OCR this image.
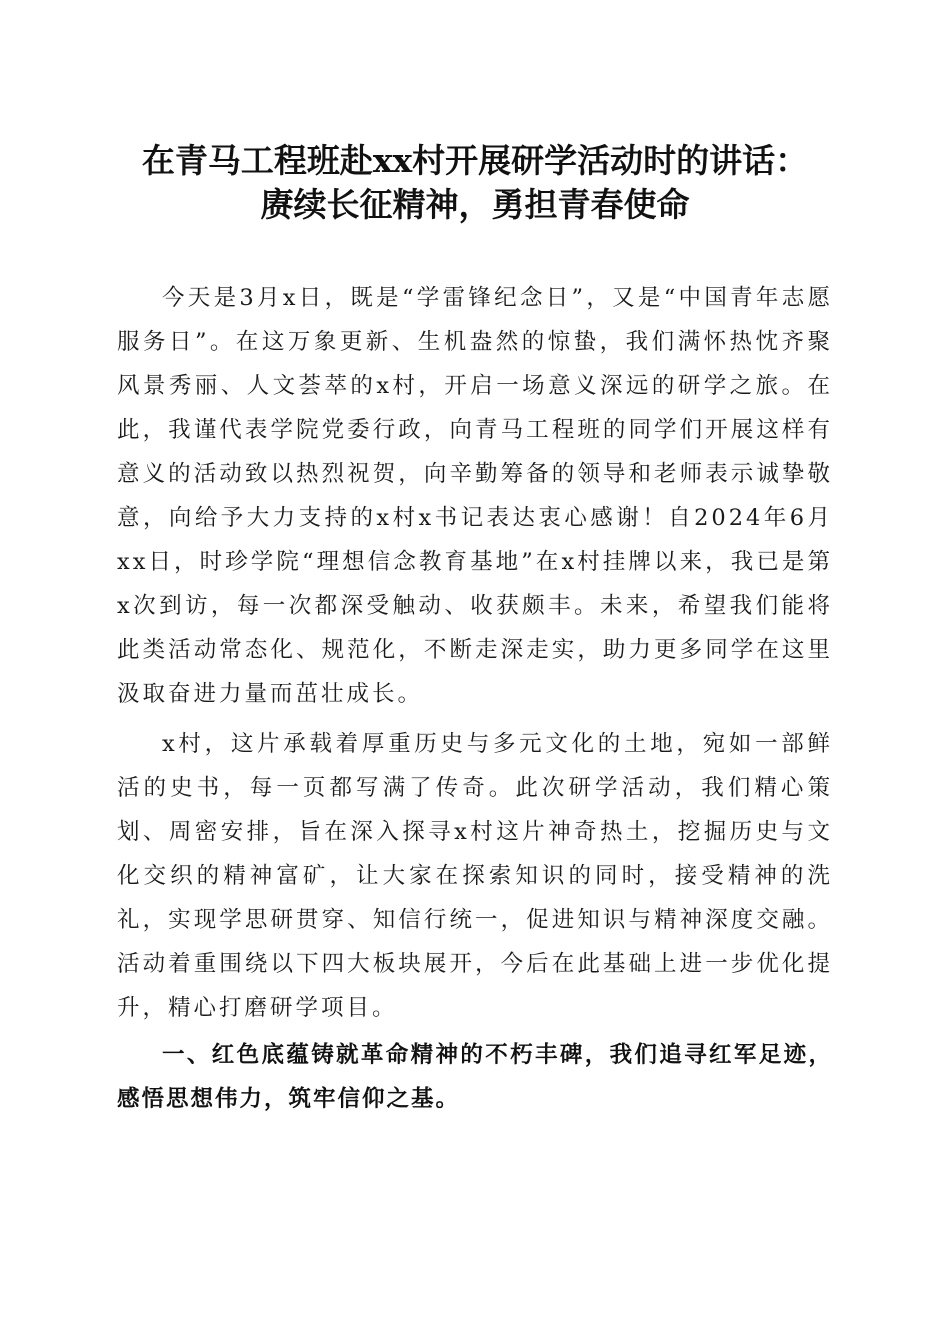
在青马工程班赴xx村开展研学活动时的讲话：
赓续长征精神，勇担青春使命

今天是3月x日，既是“学雷锋纪念日”，又是“中国青年志愿服务日”。在这万象更新、生机盎然的惊蛰，我们满怀热忱齐聚风景秀丽、人文荟萃的x村，开启一场意义深远的研学之旅。在此，我谨代表学院党委行政，向青马工程班的同学们开展这样有意义的活动致以热烈祝贺，向辛勤筹备的领导和老师表示诚挚敬意，向给予大力支持的x村x书记表达衷心感谢！自2024年6月xx日，时珍学院“理想信念教育基地”在x村挂牌以来，我已是第x次到访，每一次都深受触动、收获颇丰。未来，希望我们能将此类活动常态化、规范化，不断走深走实，助力更多同学在这里汲取奋进力量而茁壮成长。

x村，这片承载着厚重历史与多元文化的土地，宛如一部鲜活的史书，每一页都写满了传奇。此次研学活动，我们精心策划、周密安排，旨在深入探寻x村这片神奇热土，挖掘历史与文化交织的精神富矿，让大家在探索知识的同时，接受精神的洗礼，实现学思研贯穿、知信行统一，促进知识与精神深度交融。活动着重围绕以下四大板块展开，今后在此基础上进一步优化提升，精心打磨研学项目。

一、红色底蕴铸就革命精神的不朽丰碑，我们追寻红军足迹，感悟思想伟力，筑牢信仰之基。
